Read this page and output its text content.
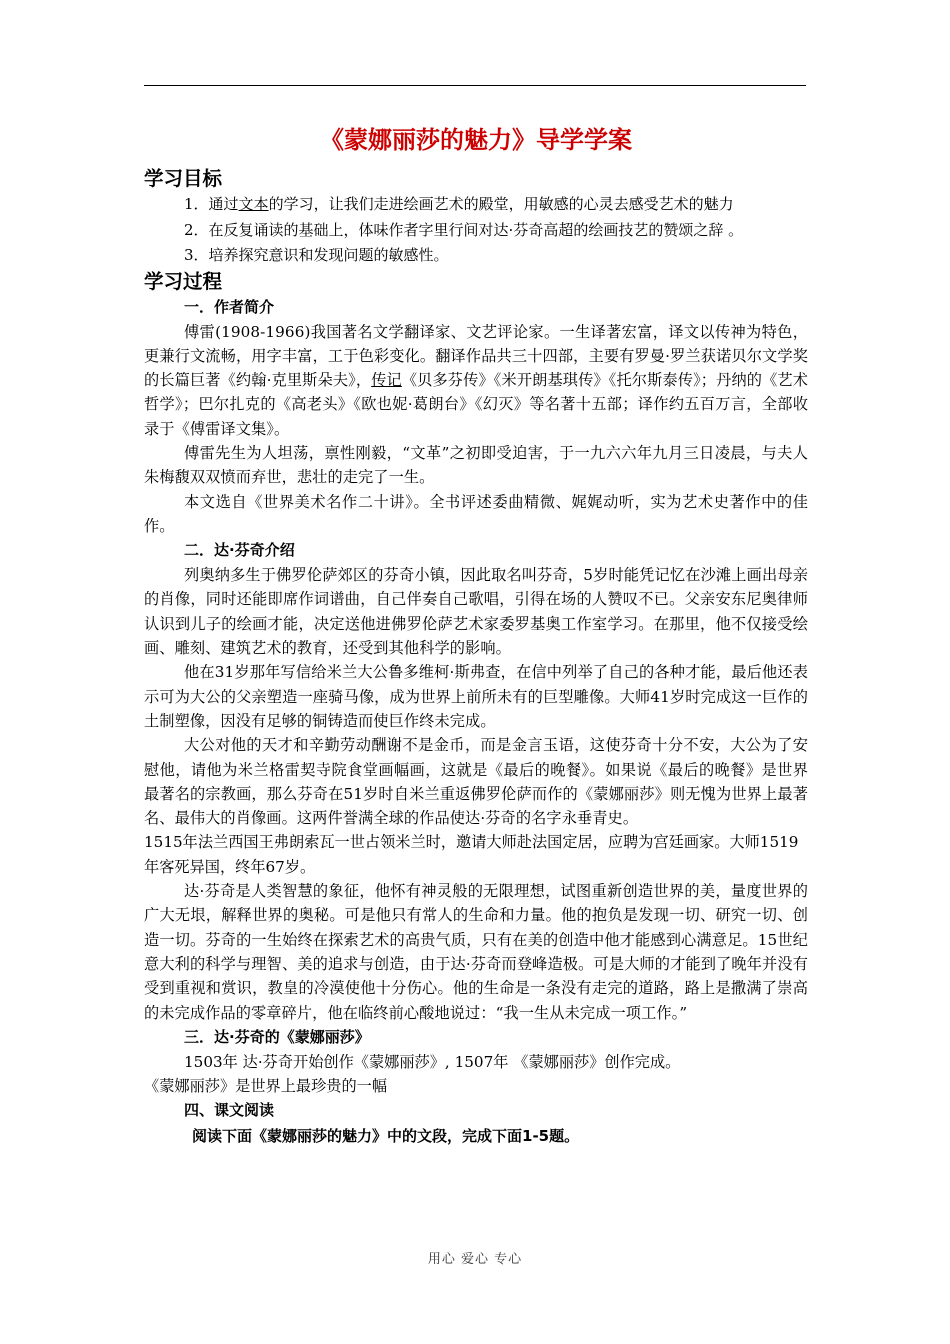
《蒙娜丽莎的魅力》导学学案
学习目标
1．通过文本的学习，让我们走进绘画艺术的殿堂，用敏感的心灵去感受艺术的魅力
2．在反复诵读的基础上，体味作者字里行间对达·芬奇高超的绘画技艺的赞颂之辞 。
3．培养探究意识和发现问题的敏感性。
学习过程
一．作者简介
傅雷(1908-1966)我国著名文学翻译家、文艺评论家。一生译著宏富，译文以传神为特色，更兼行文流畅，用字丰富，工于色彩变化。翻译作品共三十四部，主要有罗曼·罗兰获诺贝尔文学奖的长篇巨著《约翰·克里斯朵夫》，传记《贝多芬传》《米开朗基琪传》《托尔斯泰传》；丹纳的《艺术哲学》；巴尔扎克的《高老头》《欧也妮·葛朗台》《幻灭》等名著十五部；译作约五百万言，全部收录于《傅雷译文集》。
傅雷先生为人坦荡，禀性刚毅，“文革”之初即受迫害，于一九六六年九月三日凌晨，与夫人朱梅馥双双愤而弃世，悲壮的走完了一生。
本文选自《世界美术名作二十讲》。全书评述委曲精微、娓娓动听，实为艺术史著作中的佳作。
二．达·芬奇介绍
列奥纳多生于佛罗伦萨郊区的芬奇小镇，因此取名叫芬奇，5岁时能凭记忆在沙滩上画出母亲的肖像，同时还能即席作词谱曲，自己伴奏自己歌唱，引得在场的人赞叹不已。父亲安东尼奥律师认识到儿子的绘画才能，决定送他进佛罗伦萨艺术家委罗基奥工作室学习。在那里，他不仅接受绘画、雕刻、建筑艺术的教育，还受到其他科学的影响。
他在31岁那年写信给米兰大公鲁多维柯·斯弗查，在信中列举了自己的各种才能，最后他还表示可为大公的父亲塑造一座骑马像，成为世界上前所未有的巨型雕像。大师41岁时完成这一巨作的土制塑像，因没有足够的铜铸造而使巨作终未完成。
大公对他的天才和辛勤劳动酬谢不是金币，而是金言玉语，这使芬奇十分不安，大公为了安慰他，请他为米兰格雷契寺院食堂画幅画，这就是《最后的晚餐》。如果说《最后的晚餐》是世界最著名的宗教画，那么芬奇在51岁时自米兰重返佛罗伦萨而作的《蒙娜丽莎》则无愧为世界上最著名、最伟大的肖像画。这两件誉满全球的作品使达·芬奇的名字永垂青史。
1515年法兰西国王弗朗索瓦一世占领米兰时，邀请大师赴法国定居，应聘为宫廷画家。大师1519年客死异国，终年67岁。
达·芬奇是人类智慧的象征，他怀有神灵般的无限理想，试图重新创造世界的美，量度世界的广大无垠，解释世界的奥秘。可是他只有常人的生命和力量。他的抱负是发现一切、研究一切、创造一切。芬奇的一生始终在探索艺术的高贵气质，只有在美的创造中他才能感到心满意足。15世纪意大利的科学与理智、美的追求与创造，由于达·芬奇而登峰造极。可是大师的才能到了晚年并没有受到重视和赏识，教皇的冷漠使他十分伤心。他的生命是一条没有走完的道路，路上是撒满了崇高的未完成作品的零章碎片，他在临终前心酸地说过：“我一生从未完成一项工作。”
三．达·芬奇的《蒙娜丽莎》
1503年 达·芬奇开始创作《蒙娜丽莎》, 1507年 《蒙娜丽莎》创作完成。
《蒙娜丽莎》是世界上最珍贵的一幅
四、课文阅读
阅读下面《蒙娜丽莎的魅力》中的文段，完成下面1-5题。
用心 爱心 专心
